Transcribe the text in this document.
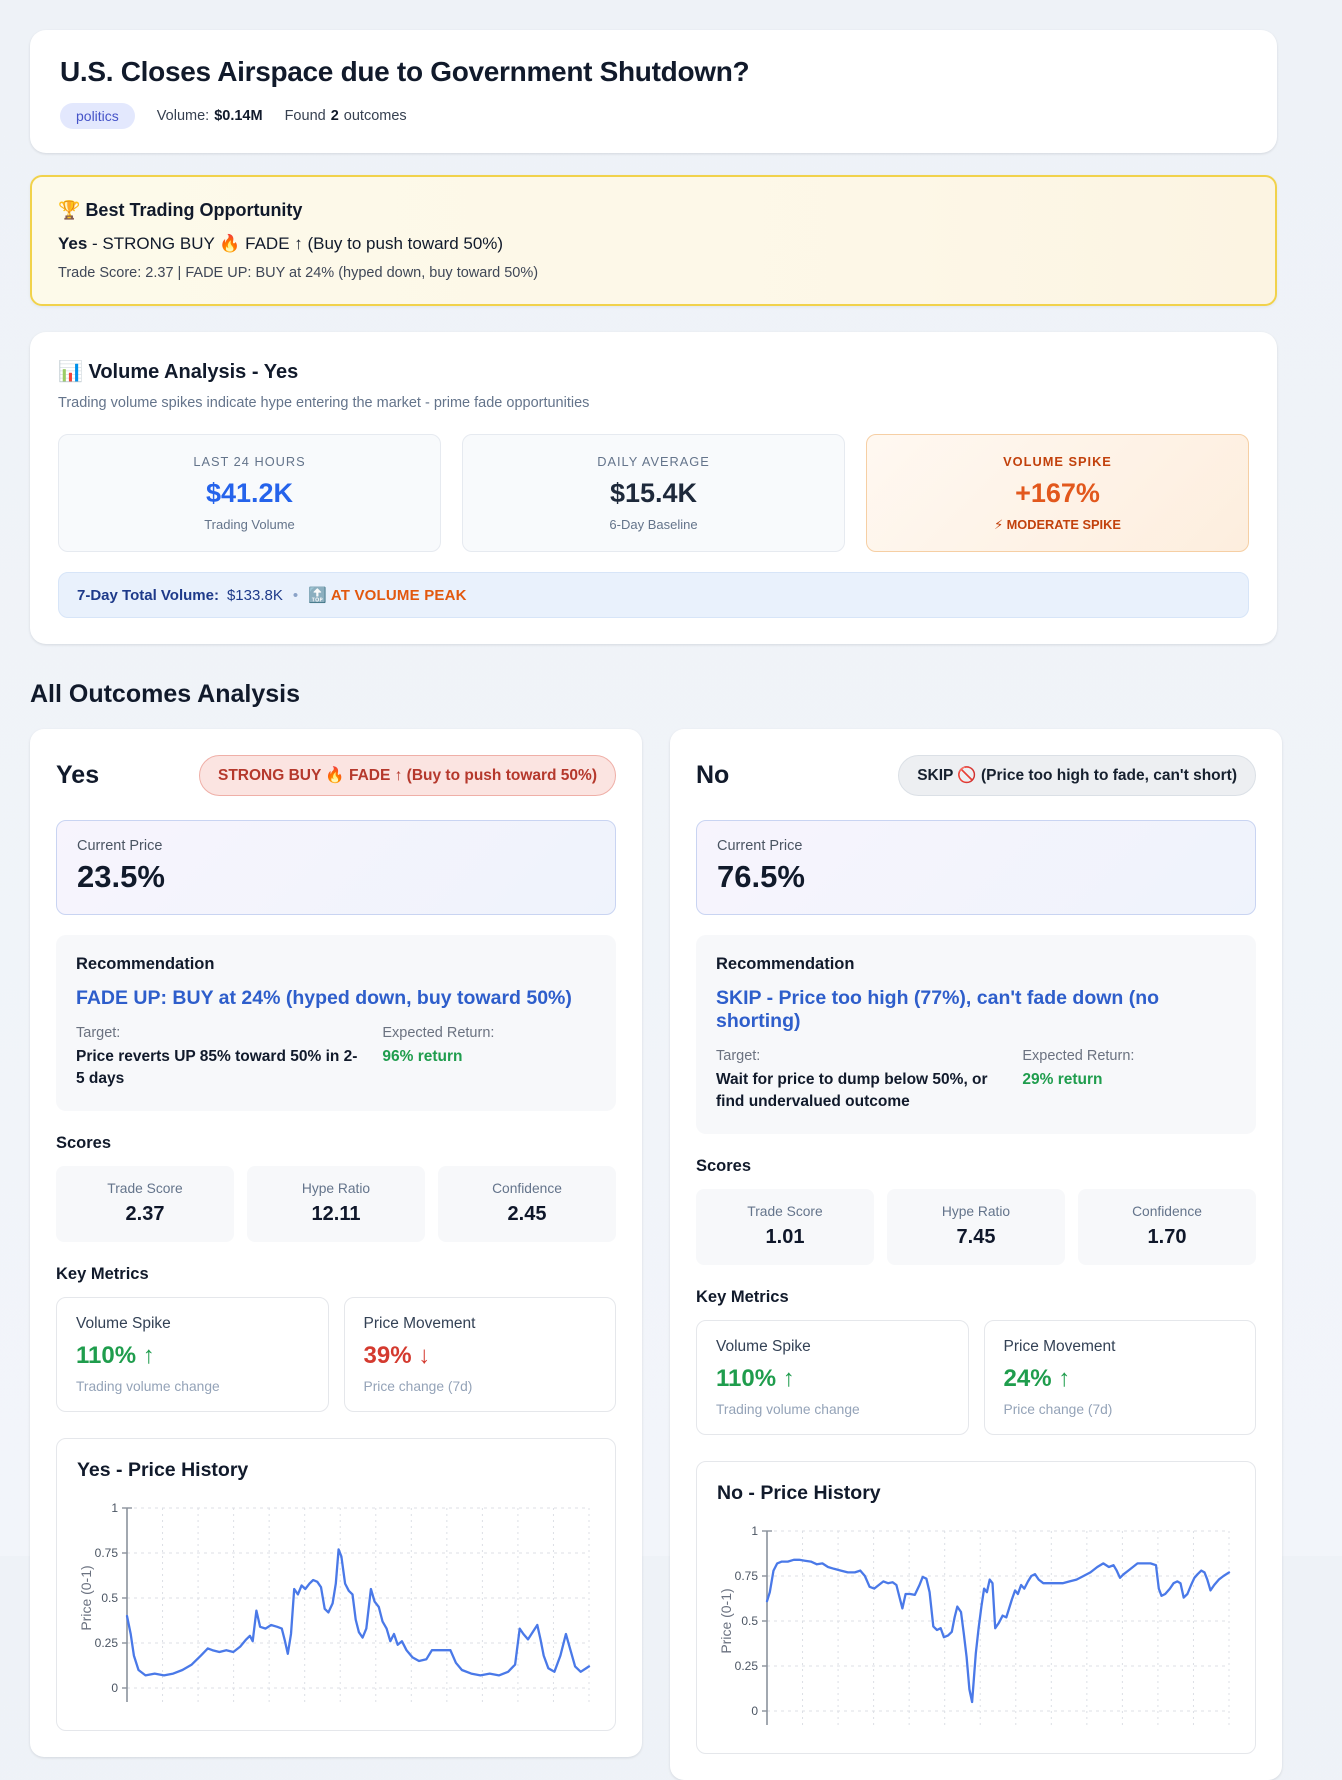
U.S. Closes Airspace due to Government Shutdown?
politics	Volume: $0.14M Found 2 outcomes
🏆 Best Trading Opportunity
Yes - STRONG BUY 🔥 FADE ↑ (Buy to push toward 50%)
Trade Score: 2.37 | FADE UP: BUY at 24% (hyped down, buy toward 50%)
📊 Volume Analysis - Yes
Trading volume spikes indicate hype entering the market - prime fade opportunities
LAST 24 HOURS
$41.2K
Trading Volume
DAILY AVERAGE
$15.4K
6-Day Baseline
VOLUME SPIKE
+167%
⚡ MODERATE SPIKE
7-Day Total Volume: $133.8K • 🔝 AT VOLUME PEAK
All Outcomes Analysis
Yes	STRONG BUY 🔥 FADE ↑ (Buy to push toward 50%)
Current Price
23.5%
Recommendation
FADE UP: BUY at 24% (hyped down, buy toward 50%)
Target:
Price reverts UP 85% toward 50% in 2-5 days
Expected Return:
96% return
Scores
Trade Score
2.37
Hype Ratio
12.11
Confidence
2.45
Key Metrics
Volume Spike
110% ↑
Trading volume change
Price Movement
39% ↓
Price change (7d)
Yes - Price History
1
0.75
0.5
0.25
0
Price (0-1)
No	SKIP 🚫 (Price too high to fade, can't short)
Current Price
76.5%
Recommendation
SKIP - Price too high (77%), can't fade down (no shorting)
Target:
Wait for price to dump below 50%, or find undervalued outcome
Expected Return:
29% return
Scores
Trade Score
1.01
Hype Ratio
7.45
Confidence
1.70
Key Metrics
Volume Spike
110% ↑
Trading volume change
Price Movement
24% ↑
Price change (7d)
No - Price History
1
0.75
0.5
0.25
0
Price (0-1)
